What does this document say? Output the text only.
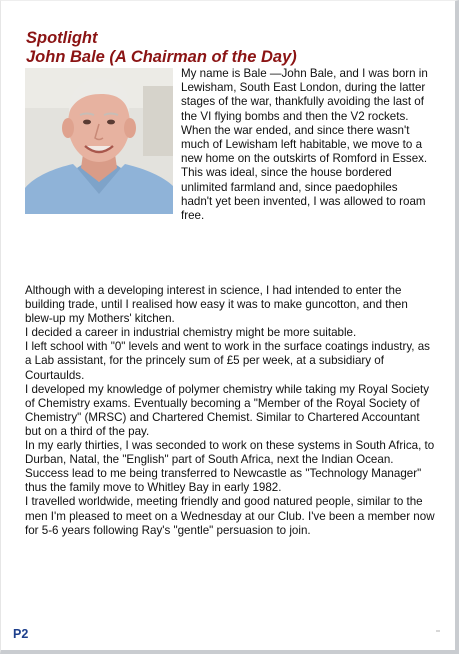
Spotlight
John Bale (A Chairman of the Day)

My name is Bale —John Bale, and I was born in Lewisham, South East London, during the latter stages of the war, thankfully avoiding the last of the VI flying bombs and then the V2 rockets. When the war ended, and since there wasn't much of Lewisham left habitable, we move to a new home on the outskirts of Romford in Essex.

This was ideal, since the house bordered unlimited farmland and, since paedophiles hadn't yet been invented, I was allowed to roam free.

Although with a developing interest in science, I had intended to enter the building trade, until I realised how easy it was to make guncotton, and then blew-up my Mothers' kitchen.

I decided a career in industrial chemistry might be more suitable.

I left school with "0" levels and went to work in the surface coatings industry, as a Lab assistant, for the princely sum of £5 per week, at a subsidiary of Courtaulds.

I developed my knowledge of polymer chemistry while taking my Royal Society of Chemistry exams. Eventually becoming a "Member of the Royal Society of Chemistry" (MRSC) and Chartered Chemist. Similar to Chartered Accountant but on a third of the pay.

In my early thirties, I was seconded to work on these systems in South Africa, to Durban, Natal, the "English" part of South Africa, next the Indian Ocean.

Success lead to me being transferred to Newcastle as "Technology Manager" thus the family move to Whitley Bay in early 1982.

I travelled worldwide, meeting friendly and good natured people, similar to the men I'm pleased to meet on a Wednesday at our Club. I've been a member now for 5-6 years following Ray's "gentle" persuasion to join.

P2
